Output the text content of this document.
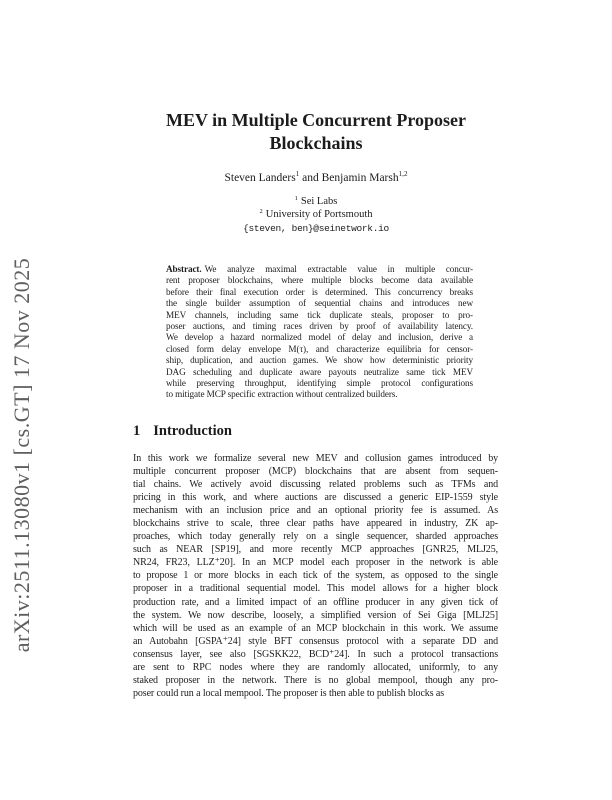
arXiv:2511.13080v1 [cs.GT] 17 Nov 2025
MEV in Multiple Concurrent Proposer
Blockchains
Steven Landers$^1$ and Benjamin Marsh$^{1,2}$
$^1$ Sei Labs
$^2$ University of Portsmouth
{steven, ben}@seinetwork.io
Abstract. We analyze maximal extractable value in multiple concur-
rent proposer blockchains, where multiple blocks become data available
before their final execution order is determined. This concurrency breaks
the single builder assumption of sequential chains and introduces new
MEV channels, including same tick duplicate steals, proposer to pro-
poser auctions, and timing races driven by proof of availability latency.
We develop a hazard normalized model of delay and inclusion, derive a
closed form delay envelope M(τ), and characterize equilibria for censor-
ship, duplication, and auction games. We show how deterministic priority
DAG scheduling and duplicate aware payouts neutralize same tick MEV
while preserving throughput, identifying simple protocol configurations
to mitigate MCP specific extraction without centralized builders.
1 Introduction
In this work we formalize several new MEV and collusion games introduced by
multiple concurrent proposer (MCP) blockchains that are absent from sequen-
tial chains. We actively avoid discussing related problems such as TFMs and
pricing in this work, and where auctions are discussed a generic EIP-1559 style
mechanism with an inclusion price and an optional priority fee is assumed. As
blockchains strive to scale, three clear paths have appeared in industry, ZK ap-
proaches, which today generally rely on a single sequencer, sharded approaches
such as NEAR [SP19], and more recently MCP approaches [GNR25, MLJ25,
NR24, FR23, LLZ⁺20]. In an MCP model each proposer in the network is able
to propose 1 or more blocks in each tick of the system, as opposed to the single
proposer in a traditional sequential model. This model allows for a higher block
production rate, and a limited impact of an offline producer in any given tick of
the system. We now describe, loosely, a simplified version of Sei Giga [MLJ25]
which will be used as an example of an MCP blockchain in this work. We assume
an Autobahn [GSPA⁺24] style BFT consensus protocol with a separate DD and
consensus layer, see also [SGSKK22, BCD⁺24]. In such a protocol transactions
are sent to RPC nodes where they are randomly allocated, uniformly, to any
staked proposer in the network. There is no global mempool, though any pro-
poser could run a local mempool. The proposer is then able to publish blocks as
